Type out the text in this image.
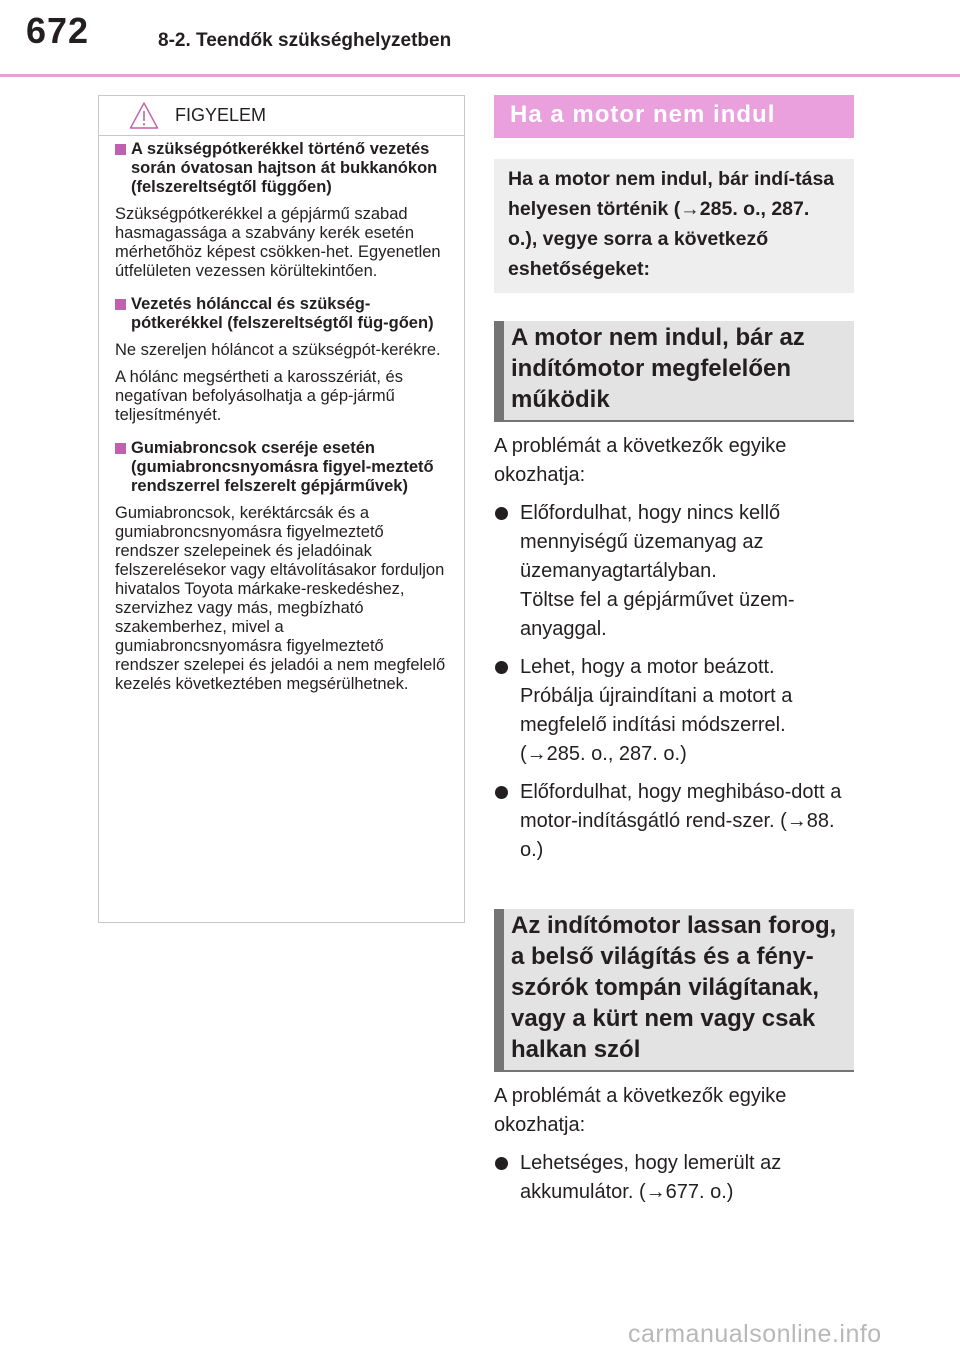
672	8-2. Teendők szükséghelyzetben
FIGYELEM
A szükségpótkerékkel történő vezetés során óvatosan hajtson át bukkanókon (felszereltségtől függően)

Szükségpótkerékkel a gépjármű szabad hasmagassága a szabvány kerék esetén mérhetőhöz képest csökken-het. Egyenetlen útfelületen vezessen körültekintően.

Vezetés hólánccal és szükség-pótkerékkel (felszereltségtől füg-gően)

Ne szereljen hóláncot a szükségpót-kerékre.

A hólánc megsértheti a karosszériát, és negatívan befolyásolhatja a gép-jármű teljesítményét.

Gumiabroncsok cseréje esetén (gumiabroncsnyomásra figyel-meztető rendszerrel felszerelt gépjárművek)

Gumiabroncsok, keréktárcsák és a gumiabroncsnyomásra figyelmeztető rendszer szelepeinek és jeladóinak felszerelésekor vagy eltávolításakor forduljon hivatalos Toyota márkake-reskedéshez, szervizhez vagy más, megbízható szakemberhez, mivel a gumiabroncsnyomásra figyelmeztető rendszer szelepei és jeladói a nem megfelelő kezelés következtében megsérülhetnek.

Ha a motor nem indul
Ha a motor nem indul, bár indí-tása helyesen történik (→285. o., 287. o.), vegye sorra a következő eshetőségeket:
A motor nem indul, bár az indítómotor megfelelően működik

A problémát a következők egyike okozhatja:

Előfordulhat, hogy nincs kellő mennyiségű üzemanyag az üzemanyagtartályban.

Töltse fel a gépjárművet üzem-anyaggal.

Lehet, hogy a motor beázott.

Próbálja újraindítani a motort a megfelelő indítási módszerrel. (→285. o., 287. o.)

Előfordulhat, hogy meghibáso-dott a motor-indításgátló rend-szer. (→88. o.)

Az indítómotor lassan forog, a belső világítás és a fény-szórók tompán világítanak, vagy a kürt nem vagy csak halkan szól

A problémát a következők egyike okozhatja:

Lehetséges, hogy lemerült az akkumulátor. (→677. o.)

carmanualsonline.info
